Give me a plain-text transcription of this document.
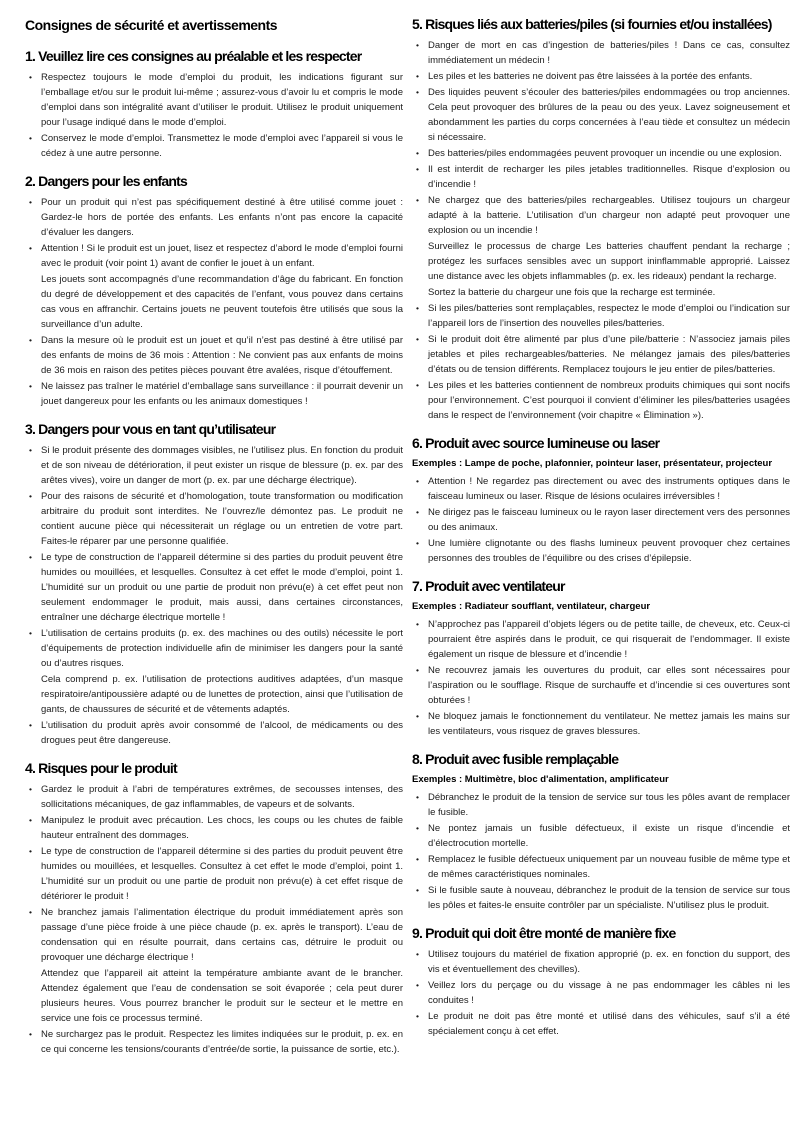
Consignes de sécurité et avertissements
1. Veuillez lire ces consignes au préalable et les respecter
• Respectez toujours le mode d’emploi du produit, les indications figurant sur l’emballage et/ou sur le produit lui-même ; assurez-vous d’avoir lu et compris le mode d’emploi dans son intégralité avant d’utiliser le produit. Utilisez le produit uniquement pour l’usage indiqué dans le mode d’emploi.
• Conservez le mode d’emploi. Transmettez le mode d’emploi avec l’appareil si vous le cédez à une autre personne.
2. Dangers pour les enfants
• Pour un produit qui n’est pas spécifiquement destiné à être utilisé comme jouet : Gardez-le hors de portée des enfants. Les enfants n’ont pas encore la capacité d’évaluer les dangers.
• Attention ! Si le produit est un jouet, lisez et respectez d’abord le mode d’emploi fourni avec le produit (voir point 1) avant de confier le jouet à un enfant.
Les jouets sont accompagnés d’une recommandation d’âge du fabricant. En fonction du degré de développement et des capacités de l’enfant, vous pouvez dans certains cas vous en affranchir. Certains jouets ne peuvent toutefois être utilisés que sous la surveillance d’un adulte.
• Dans la mesure où le produit est un jouet et qu’il n’est pas destiné à être utilisé par des enfants de moins de 36 mois : Attention : Ne convient pas aux enfants de moins de 36 mois en raison des petites pièces pouvant être avalées, risque d’étouffement.
• Ne laissez pas traîner le matériel d’emballage sans surveillance : il pourrait devenir un jouet dangereux pour les enfants ou les animaux domestiques !
3. Dangers pour vous en tant qu’utilisateur
• Si le produit présente des dommages visibles, ne l’utilisez plus. En fonction du produit et de son niveau de détérioration, il peut exister un risque de blessure (p. ex. par des arêtes vives), voire un danger de mort (p. ex. par une décharge électrique).
• Pour des raisons de sécurité et d’homologation, toute transformation ou modification arbitraire du produit sont interdites. Ne l’ouvrez/le démontez pas. Le produit ne contient aucune pièce qui nécessiterait un réglage ou un entretien de votre part. Faites-le réparer par une personne qualifiée.
• Le type de construction de l’appareil détermine si des parties du produit peuvent être humides ou mouillées, et lesquelles. Consultez à cet effet le mode d’emploi, point 1. L’humidité sur un produit ou une partie de produit non prévu(e) à cet effet peut non seulement endommager le produit, mais aussi, dans certaines circonstances, entraîner une décharge électrique mortelle !
• L’utilisation de certains produits (p. ex. des machines ou des outils) nécessite le port d’équipements de protection individuelle afin de minimiser les dangers pour la santé ou d’autres risques.
Cela comprend p. ex. l’utilisation de protections auditives adaptées, d’un masque respiratoire/antipoussière adapté ou de lunettes de protection, ainsi que l’utilisation de gants, de chaussures de sécurité et de vêtements adaptés.
• L’utilisation du produit après avoir consommé de l’alcool, de médicaments ou des drogues peut être dangereuse.
4. Risques pour le produit
• Gardez le produit à l’abri de températures extrêmes, de secousses intenses, des sollicitations mécaniques, de gaz inflammables, de vapeurs et de solvants.
• Manipulez le produit avec précaution. Les chocs, les coups ou les chutes de faible hauteur entraînent des dommages.
• Le type de construction de l’appareil détermine si des parties du produit peuvent être humides ou mouillées, et lesquelles. Consultez à cet effet le mode d’emploi, point 1. L’humidité sur un produit ou une partie de produit non prévu(e) à cet effet risque de détériorer le produit !
• Ne branchez jamais l’alimentation électrique du produit immédiatement après son passage d’une pièce froide à une pièce chaude (p. ex. après le transport). L’eau de condensation qui en résulte pourrait, dans certains cas, détruire le produit ou provoquer une décharge électrique !
Attendez que l’appareil ait atteint la température ambiante avant de le brancher. Attendez également que l’eau de condensation se soit évaporée ; cela peut durer plusieurs heures. Vous pourrez brancher le produit sur le secteur et le mettre en service une fois ce processus terminé.
• Ne surchargez pas le produit. Respectez les limites indiquées sur le produit, p. ex. en ce qui concerne les tensions/courants d’entrée/de sortie, la puissance de sortie, etc.).
5. Risques liés aux batteries/piles (si fournies et/ou installées)
• Danger de mort en cas d’ingestion de batteries/piles ! Dans ce cas, consultez immédiatement un médecin !
• Les piles et les batteries ne doivent pas être laissées à la portée des enfants.
• Des liquides peuvent s’écouler des batteries/piles endommagées ou trop anciennes. Cela peut provoquer des brûlures de la peau ou des yeux. Lavez soigneusement et abondamment les parties du corps concernées à l’eau tiède et consultez un médecin si nécessaire.
• Des batteries/piles endommagées peuvent provoquer un incendie ou une explosion.
• Il est interdit de recharger les piles jetables traditionnelles. Risque d’explosion ou d’incendie !
• Ne chargez que des batteries/piles rechargeables. Utilisez toujours un chargeur adapté à la batterie. L’utilisation d’un chargeur non adapté peut provoquer une explosion ou un incendie !
Surveillez le processus de charge Les batteries chauffent pendant la recharge ; protégez les surfaces sensibles avec un support ininflammable approprié. Laissez une distance avec les objets inflammables (p. ex. les rideaux) pendant la recharge.
Sortez la batterie du chargeur une fois que la recharge est terminée.
• Si les piles/batteries sont remplaçables, respectez le mode d’emploi ou l’indication sur l’appareil lors de l’insertion des nouvelles piles/batteries.
• Si le produit doit être alimenté par plus d’une pile/batterie : N’associez jamais piles jetables et piles rechargeables/batteries. Ne mélangez jamais des piles/batteries d’états ou de tension différents. Remplacez toujours le jeu entier de piles/batteries.
• Les piles et les batteries contiennent de nombreux produits chimiques qui sont nocifs pour l’environnement. C’est pourquoi il convient d’éliminer les piles/batteries usagées dans le respect de l’environnement (voir chapitre « Élimination »).
6. Produit avec source lumineuse ou laser
Exemples : Lampe de poche, plafonnier, pointeur laser, présentateur, projecteur
• Attention ! Ne regardez pas directement ou avec des instruments optiques dans le faisceau lumineux ou laser. Risque de lésions oculaires irréversibles !
• Ne dirigez pas le faisceau lumineux ou le rayon laser directement vers des personnes ou des animaux.
• Une lumière clignotante ou des flashs lumineux peuvent provoquer chez certaines personnes des troubles de l’équilibre ou des crises d’épilepsie.
7. Produit avec ventilateur
Exemples : Radiateur soufflant, ventilateur, chargeur
• N’approchez pas l’appareil d’objets légers ou de petite taille, de cheveux, etc. Ceux-ci pourraient être aspirés dans le produit, ce qui risquerait de l’endommager. Il existe également un risque de blessure et d’incendie !
• Ne recouvrez jamais les ouvertures du produit, car elles sont nécessaires pour l’aspiration ou le soufflage. Risque de surchauffe et d’incendie si ces ouvertures sont obturées !
• Ne bloquez jamais le fonctionnement du ventilateur. Ne mettez jamais les mains sur les ventilateurs, vous risquez de graves blessures.
8. Produit avec fusible remplaçable
Exemples : Multimètre, bloc d'alimentation, amplificateur
• Débranchez le produit de la tension de service sur tous les pôles avant de remplacer le fusible.
• Ne pontez jamais un fusible défectueux, il existe un risque d’incendie et d’électrocution mortelle.
• Remplacez le fusible défectueux uniquement par un nouveau fusible de même type et de mêmes caractéristiques nominales.
• Si le fusible saute à nouveau, débranchez le produit de la tension de service sur tous les pôles et faites-le ensuite contrôler par un spécialiste. N’utilisez plus le produit.
9. Produit qui doit être monté de manière fixe
• Utilisez toujours du matériel de fixation approprié (p. ex. en fonction du support, des vis et éventuellement des chevilles).
• Veillez lors du perçage ou du vissage à ne pas endommager les câbles ni les conduites !
• Le produit ne doit pas être monté et utilisé dans des véhicules, sauf s’il a été spécialement conçu à cet effet.
